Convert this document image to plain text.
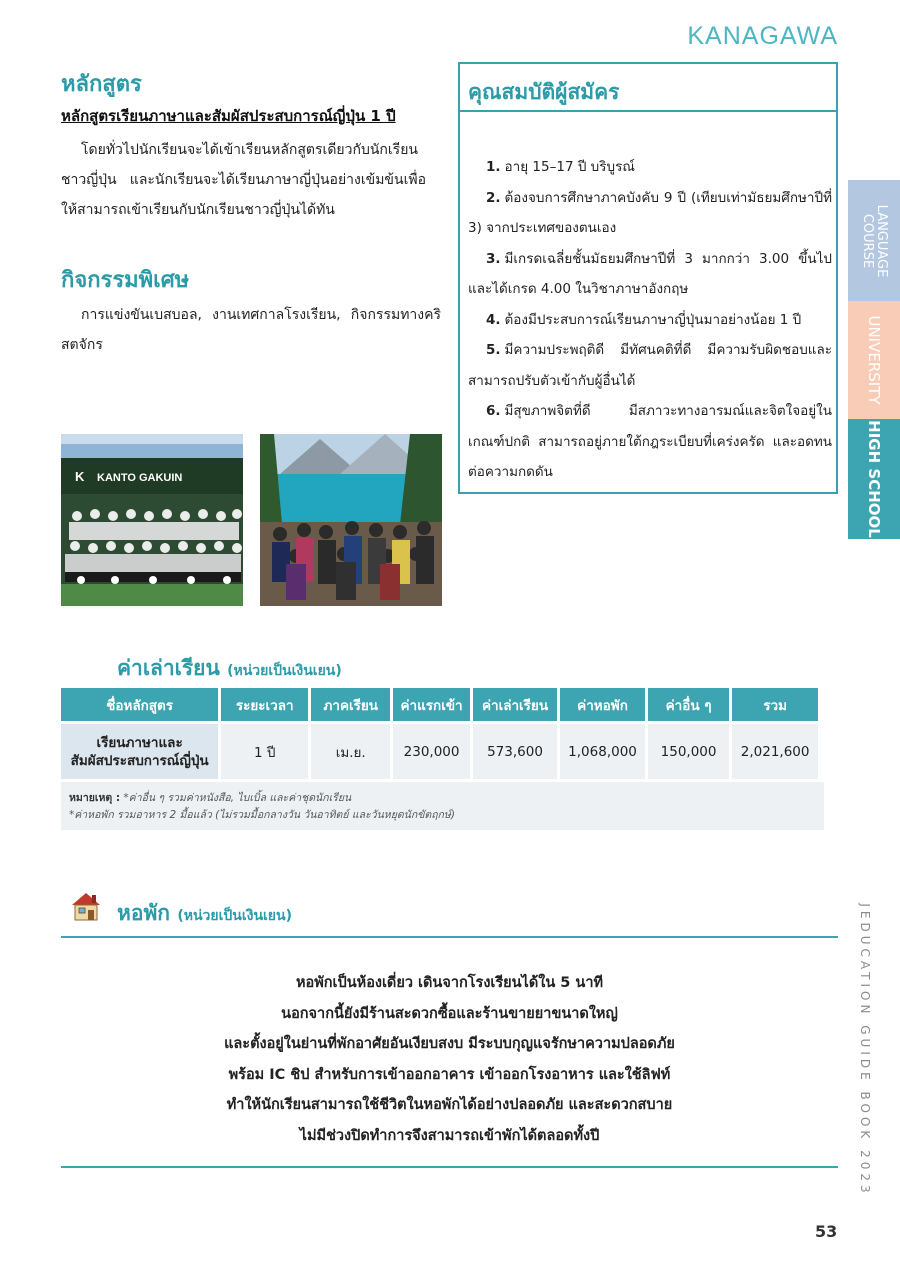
KANAGAWA
หลักสูตร
หลักสูตรเรียนภาษาและสัมผัสประสบการณ์ญี่ปุ่น 1 ปี

โดยทั่วไปนักเรียนจะได้เข้าเรียนหลักสูตรเดียวกับนักเรียนชาวญี่ปุ่น และนักเรียนจะได้เรียนภาษาญี่ปุ่นอย่างเข้มข้นเพื่อให้สามารถเข้าเรียนกับนักเรียนชาวญี่ปุ่นได้ทัน

กิจกรรมพิเศษ

การแข่งขันเบสบอล, งานเทศกาลโรงเรียน, กิจกรรมทางคริสตจักร

K KANTO GAKUIN
คุณสมบัติผู้สมัคร
1. อายุ 15–17 ปี บริบูรณ์
2. ต้องจบการศึกษาภาคบังคับ 9 ปี (เทียบเท่ามัธยมศึกษาปีที่ 3) จากประเทศของตนเอง
3. มีเกรดเฉลี่ยชั้นมัธยมศึกษาปีที่ 3 มากกว่า 3.00 ขึ้นไป และได้เกรด 4.00 ในวิชาภาษาอังกฤษ
4. ต้องมีประสบการณ์เรียนภาษาญี่ปุ่นมาอย่างน้อย 1 ปี
5. มีความประพฤติดี มีทัศนคติที่ดี มีความรับผิดชอบและสามารถปรับตัวเข้ากับผู้อื่นได้
6. มีสุขภาพจิตที่ดี มีสภาวะทางอารมณ์และจิตใจอยู่ในเกณฑ์ปกติ สามารถอยู่ภายใต้กฎระเบียบที่เคร่งครัด และอดทนต่อความกดดัน
LANGUAGE
COURSE
UNIVERSITY
HIGH SCHOOL
JEDUCATION GUIDE BOOK 2023
ค่าเล่าเรียน (หน่วยเป็นเงินเยน)
ชื่อหลักสูตร	ระยะเวลา	ภาคเรียน	ค่าแรกเข้า	ค่าเล่าเรียน	ค่าหอพัก	ค่าอื่น ๆ	รวม

เรียนภาษาและ
สัมผัสประสบการณ์ญี่ปุ่น	1 ปี	เม.ย.	230,000	573,600	1,068,000	150,000	2,021,600
หมายเหตุ : *ค่าอื่น ๆ รวมค่าหนังสือ, ไบเบิ้ล และค่าชุดนักเรียน
*ค่าหอพัก รวมอาหาร 2 มื้อแล้ว (ไม่รวมมื้อกลางวัน วันอาทิตย์ และวันหยุดนักขัตฤกษ์)
หอพัก (หน่วยเป็นเงินเยน)
หอพักเป็นห้องเดี่ยว เดินจากโรงเรียนได้ใน 5 นาที
นอกจากนี้ยังมีร้านสะดวกซื้อและร้านขายยาขนาดใหญ่
และตั้งอยู่ในย่านที่พักอาศัยอันเงียบสงบ มีระบบกุญแจรักษาความปลอดภัย
พร้อม IC ชิป สำหรับการเข้าออกอาคาร เข้าออกโรงอาหาร และใช้ลิฟท์
ทำให้นักเรียนสามารถใช้ชีวิตในหอพักได้อย่างปลอดภัย และสะดวกสบาย
ไม่มีช่วงปิดทำการจึงสามารถเข้าพักได้ตลอดทั้งปี
53
